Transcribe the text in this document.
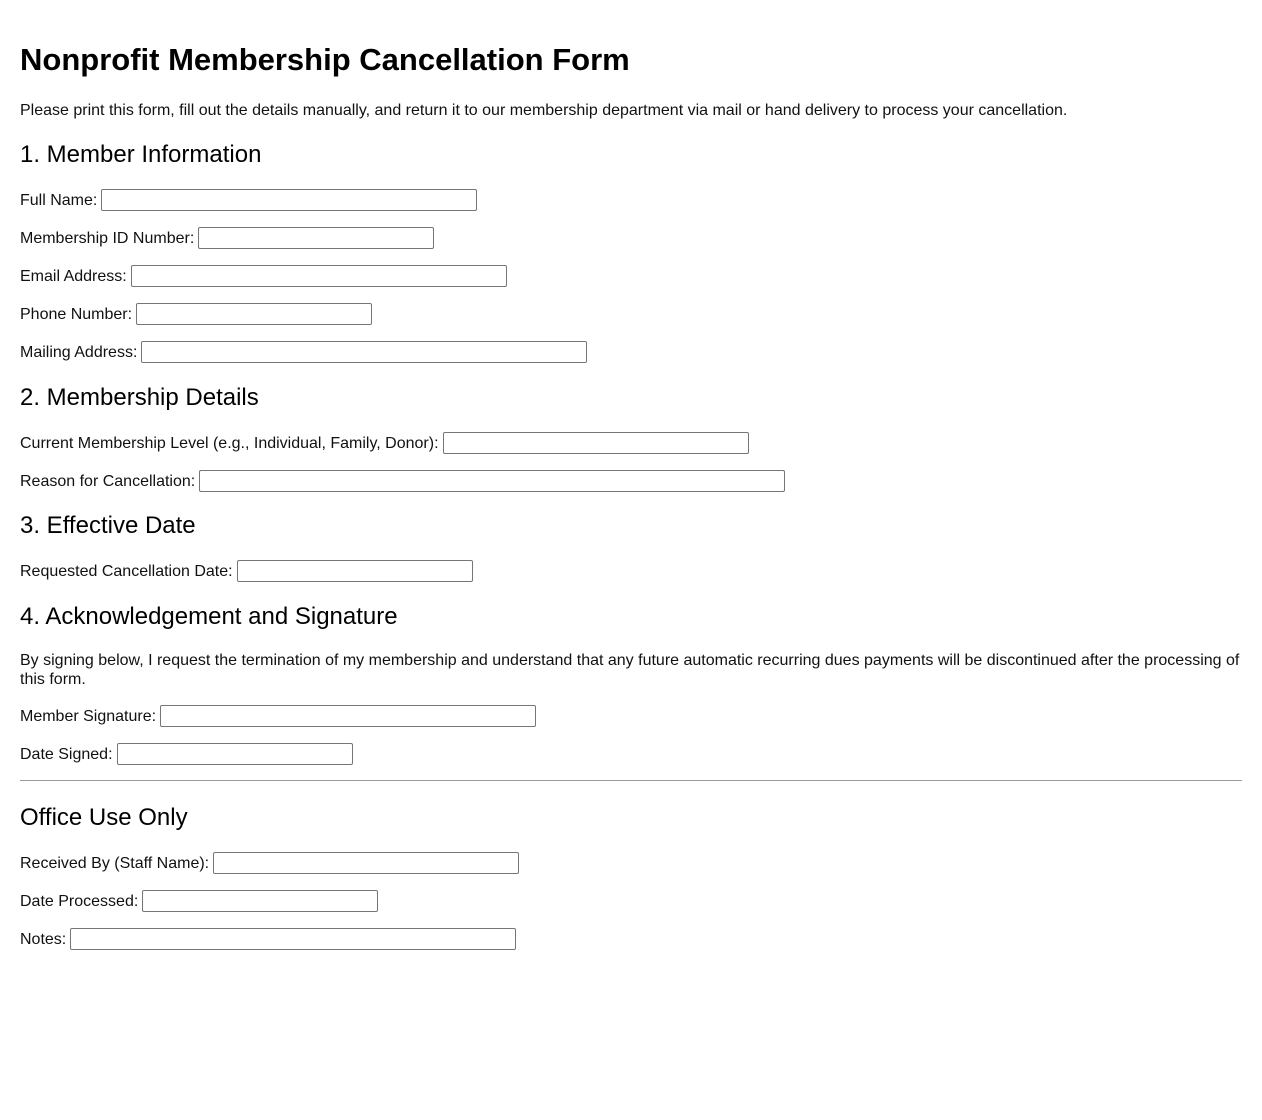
Nonprofit Membership Cancellation Form

Please print this form, fill out the details manually, and return it to our membership department via mail or hand delivery to process your cancellation.

1. Member Information
Full Name:
Membership ID Number:
Email Address:
Phone Number:
Mailing Address:
2. Membership Details
Current Membership Level (e.g., Individual, Family, Donor):
Reason for Cancellation:
3. Effective Date
Requested Cancellation Date:
4. Acknowledgement and Signature

By signing below, I request the termination of my membership and understand that any future automatic recurring dues payments will be discontinued after the processing of this form.

Member Signature:
Date Signed:
Office Use Only
Received By (Staff Name):
Date Processed:
Notes:
